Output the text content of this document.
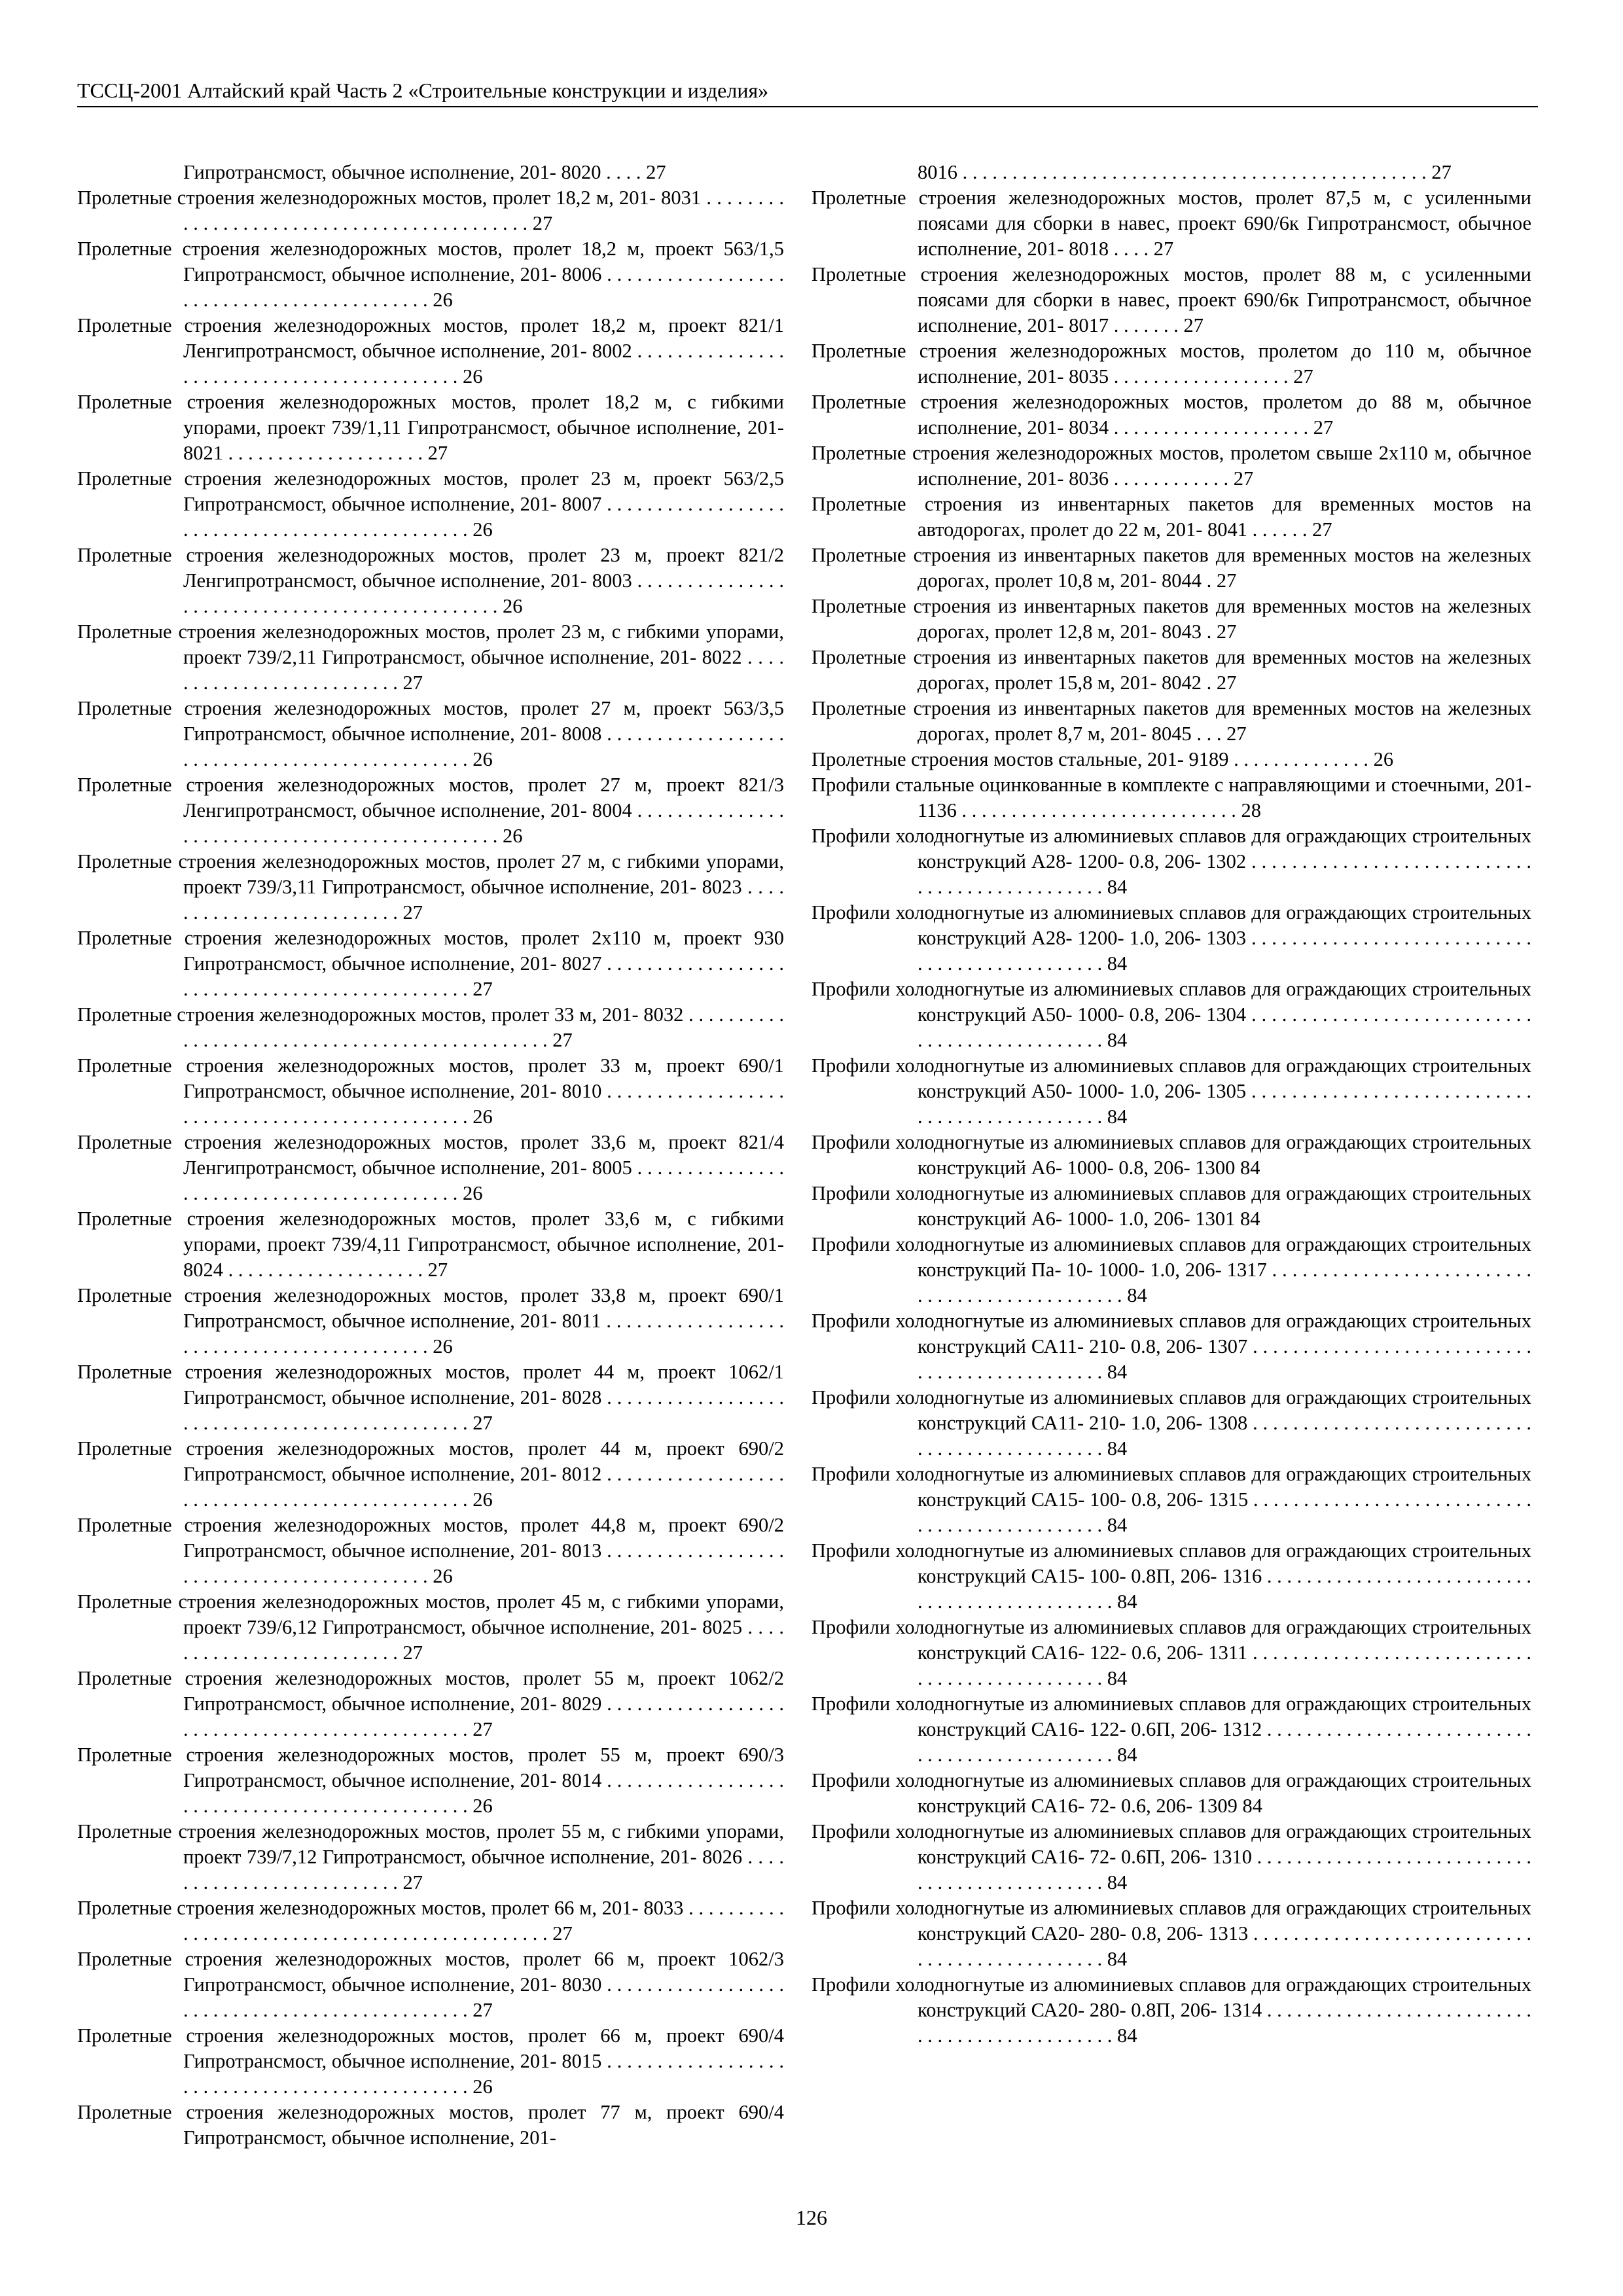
ТССЦ-2001 Алтайский край Часть 2 «Строительные конструкции и изделия»
Гипротрансмост, обычное исполнение, 201- 8020 . . . . 27
Пролетные строения железнодорожных мостов, пролет 18,2 м, 201- 8031 . . . . . . . . . . . . . . . . . . . . . . . . . . . . . . . . . . . . . . . . . . . 27
Пролетные строения железнодорожных мостов, пролет 18,2 м, проект 563/1,5 Гипротрансмост, обычное исполнение, 201- 8006 . . . . . . . . . . . . . . . . . . . . . . . . . . . . . . . . . . . . . . . . . . . 26
Пролетные строения железнодорожных мостов, пролет 18,2 м, проект 821/1 Ленгипротрансмост, обычное исполнение, 201- 8002 . . . . . . . . . . . . . . . . . . . . . . . . . . . . . . . . . . . . . . . . . . . 26
Пролетные строения железнодорожных мостов, пролет 18,2 м, с гибкими упорами, проект 739/1,11 Гипротрансмост, обычное исполнение, 201- 8021 . . . . . . . . . . . . . . . . . . . . 27
Пролетные строения железнодорожных мостов, пролет 23 м, проект 563/2,5 Гипротрансмост, обычное исполнение, 201- 8007 . . . . . . . . . . . . . . . . . . . . . . . . . . . . . . . . . . . . . . . . . . . . . . . 26
Пролетные строения железнодорожных мостов, пролет 23 м, проект 821/2 Ленгипротрансмост, обычное исполнение, 201- 8003 . . . . . . . . . . . . . . . . . . . . . . . . . . . . . . . . . . . . . . . . . . . . . . . 26
Пролетные строения железнодорожных мостов, пролет 23 м, с гибкими упорами, проект 739/2,11 Гипротрансмост, обычное исполнение, 201- 8022 . . . . . . . . . . . . . . . . . . . . . . . . . . 27
Пролетные строения железнодорожных мостов, пролет 27 м, проект 563/3,5 Гипротрансмост, обычное исполнение, 201- 8008 . . . . . . . . . . . . . . . . . . . . . . . . . . . . . . . . . . . . . . . . . . . . . . . 26
Пролетные строения железнодорожных мостов, пролет 27 м, проект 821/3 Ленгипротрансмост, обычное исполнение, 201- 8004 . . . . . . . . . . . . . . . . . . . . . . . . . . . . . . . . . . . . . . . . . . . . . . . 26
Пролетные строения железнодорожных мостов, пролет 27 м, с гибкими упорами, проект 739/3,11 Гипротрансмост, обычное исполнение, 201- 8023 . . . . . . . . . . . . . . . . . . . . . . . . . . 27
Пролетные строения железнодорожных мостов, пролет 2х110 м, проект 930 Гипротрансмост, обычное исполнение, 201- 8027 . . . . . . . . . . . . . . . . . . . . . . . . . . . . . . . . . . . . . . . . . . . . . . . 27
Пролетные строения железнодорожных мостов, пролет 33 м, 201- 8032 . . . . . . . . . . . . . . . . . . . . . . . . . . . . . . . . . . . . . . . . . . . . . . . 27
Пролетные строения железнодорожных мостов, пролет 33 м, проект 690/1 Гипротрансмост, обычное исполнение, 201- 8010 . . . . . . . . . . . . . . . . . . . . . . . . . . . . . . . . . . . . . . . . . . . . . . . 26
Пролетные строения железнодорожных мостов, пролет 33,6 м, проект 821/4 Ленгипротрансмост, обычное исполнение, 201- 8005 . . . . . . . . . . . . . . . . . . . . . . . . . . . . . . . . . . . . . . . . . . . 26
Пролетные строения железнодорожных мостов, пролет 33,6 м, с гибкими упорами, проект 739/4,11 Гипротрансмост, обычное исполнение, 201- 8024 . . . . . . . . . . . . . . . . . . . . 27
Пролетные строения железнодорожных мостов, пролет 33,8 м, проект 690/1 Гипротрансмост, обычное исполнение, 201- 8011 . . . . . . . . . . . . . . . . . . . . . . . . . . . . . . . . . . . . . . . . . . . 26
Пролетные строения железнодорожных мостов, пролет 44 м, проект 1062/1 Гипротрансмост, обычное исполнение, 201- 8028 . . . . . . . . . . . . . . . . . . . . . . . . . . . . . . . . . . . . . . . . . . . . . . . 27
Пролетные строения железнодорожных мостов, пролет 44 м, проект 690/2 Гипротрансмост, обычное исполнение, 201- 8012 . . . . . . . . . . . . . . . . . . . . . . . . . . . . . . . . . . . . . . . . . . . . . . . 26
Пролетные строения железнодорожных мостов, пролет 44,8 м, проект 690/2 Гипротрансмост, обычное исполнение, 201- 8013 . . . . . . . . . . . . . . . . . . . . . . . . . . . . . . . . . . . . . . . . . . . 26
Пролетные строения железнодорожных мостов, пролет 45 м, с гибкими упорами, проект 739/6,12 Гипротрансмост, обычное исполнение, 201- 8025 . . . . . . . . . . . . . . . . . . . . . . . . . . 27
Пролетные строения железнодорожных мостов, пролет 55 м, проект 1062/2 Гипротрансмост, обычное исполнение, 201- 8029 . . . . . . . . . . . . . . . . . . . . . . . . . . . . . . . . . . . . . . . . . . . . . . . 27
Пролетные строения железнодорожных мостов, пролет 55 м, проект 690/3 Гипротрансмост, обычное исполнение, 201- 8014 . . . . . . . . . . . . . . . . . . . . . . . . . . . . . . . . . . . . . . . . . . . . . . . 26
Пролетные строения железнодорожных мостов, пролет 55 м, с гибкими упорами, проект 739/7,12 Гипротрансмост, обычное исполнение, 201- 8026 . . . . . . . . . . . . . . . . . . . . . . . . . . 27
Пролетные строения железнодорожных мостов, пролет 66 м, 201- 8033 . . . . . . . . . . . . . . . . . . . . . . . . . . . . . . . . . . . . . . . . . . . . . . . 27
Пролетные строения железнодорожных мостов, пролет 66 м, проект 1062/3 Гипротрансмост, обычное исполнение, 201- 8030 . . . . . . . . . . . . . . . . . . . . . . . . . . . . . . . . . . . . . . . . . . . . . . . 27
Пролетные строения железнодорожных мостов, пролет 66 м, проект 690/4 Гипротрансмост, обычное исполнение, 201- 8015 . . . . . . . . . . . . . . . . . . . . . . . . . . . . . . . . . . . . . . . . . . . . . . . 26
Пролетные строения железнодорожных мостов, пролет 77 м, проект 690/4 Гипротрансмост, обычное исполнение, 201-
8016 . . . . . . . . . . . . . . . . . . . . . . . . . . . . . . . . . . . . . . . . . . . . . . . 27
Пролетные строения железнодорожных мостов, пролет 87,5 м, с усиленными поясами для сборки в навес, проект 690/6к Гипротрансмост, обычное исполнение, 201- 8018 . . . . 27
Пролетные строения железнодорожных мостов, пролет 88 м, с усиленными поясами для сборки в навес, проект 690/6к Гипротрансмост, обычное исполнение, 201- 8017 . . . . . . . 27
Пролетные строения железнодорожных мостов, пролетом до 110 м, обычное исполнение, 201- 8035 . . . . . . . . . . . . . . . . . . 27
Пролетные строения железнодорожных мостов, пролетом до 88 м, обычное исполнение, 201- 8034 . . . . . . . . . . . . . . . . . . . . 27
Пролетные строения железнодорожных мостов, пролетом свыше 2х110 м, обычное исполнение, 201- 8036 . . . . . . . . . . . . 27
Пролетные строения из инвентарных пакетов для временных мостов на автодорогах, пролет до 22 м, 201- 8041 . . . . . . 27
Пролетные строения из инвентарных пакетов для временных мостов на железных дорогах, пролет 10,8 м, 201- 8044 . 27
Пролетные строения из инвентарных пакетов для временных мостов на железных дорогах, пролет 12,8 м, 201- 8043 . 27
Пролетные строения из инвентарных пакетов для временных мостов на железных дорогах, пролет 15,8 м, 201- 8042 . 27
Пролетные строения из инвентарных пакетов для временных мостов на железных дорогах, пролет 8,7 м, 201- 8045 . . . 27
Пролетные строения мостов стальные, 201- 9189 . . . . . . . . . . . . . . 26
Профили стальные оцинкованные в комплекте с направляющими и стоечными, 201- 1136 . . . . . . . . . . . . . . . . . . . . . . . . . . . . 28
Профили холодногнутые из алюминиевых сплавов для ограждающих строительных конструкций А28- 1200- 0.8, 206- 1302 . . . . . . . . . . . . . . . . . . . . . . . . . . . . . . . . . . . . . . . . . . . . . . . 84
Профили холодногнутые из алюминиевых сплавов для ограждающих строительных конструкций А28- 1200- 1.0, 206- 1303 . . . . . . . . . . . . . . . . . . . . . . . . . . . . . . . . . . . . . . . . . . . . . . . 84
Профили холодногнутые из алюминиевых сплавов для ограждающих строительных конструкций А50- 1000- 0.8, 206- 1304 . . . . . . . . . . . . . . . . . . . . . . . . . . . . . . . . . . . . . . . . . . . . . . . 84
Профили холодногнутые из алюминиевых сплавов для ограждающих строительных конструкций А50- 1000- 1.0, 206- 1305 . . . . . . . . . . . . . . . . . . . . . . . . . . . . . . . . . . . . . . . . . . . . . . . 84
Профили холодногнутые из алюминиевых сплавов для ограждающих строительных конструкций А6- 1000- 0.8, 206- 1300 84
Профили холодногнутые из алюминиевых сплавов для ограждающих строительных конструкций А6- 1000- 1.0, 206- 1301 84
Профили холодногнутые из алюминиевых сплавов для ограждающих строительных конструкций Па- 10- 1000- 1.0, 206- 1317 . . . . . . . . . . . . . . . . . . . . . . . . . . . . . . . . . . . . . . . . . . . . . . . 84
Профили холодногнутые из алюминиевых сплавов для ограждающих строительных конструкций СА11- 210- 0.8, 206- 1307 . . . . . . . . . . . . . . . . . . . . . . . . . . . . . . . . . . . . . . . . . . . . . . . 84
Профили холодногнутые из алюминиевых сплавов для ограждающих строительных конструкций СА11- 210- 1.0, 206- 1308 . . . . . . . . . . . . . . . . . . . . . . . . . . . . . . . . . . . . . . . . . . . . . . . 84
Профили холодногнутые из алюминиевых сплавов для ограждающих строительных конструкций СА15- 100- 0.8, 206- 1315 . . . . . . . . . . . . . . . . . . . . . . . . . . . . . . . . . . . . . . . . . . . . . . . 84
Профили холодногнутые из алюминиевых сплавов для ограждающих строительных конструкций СА15- 100- 0.8П, 206- 1316 . . . . . . . . . . . . . . . . . . . . . . . . . . . . . . . . . . . . . . . . . . . . . . . 84
Профили холодногнутые из алюминиевых сплавов для ограждающих строительных конструкций СА16- 122- 0.6, 206- 1311 . . . . . . . . . . . . . . . . . . . . . . . . . . . . . . . . . . . . . . . . . . . . . . . 84
Профили холодногнутые из алюминиевых сплавов для ограждающих строительных конструкций СА16- 122- 0.6П, 206- 1312 . . . . . . . . . . . . . . . . . . . . . . . . . . . . . . . . . . . . . . . . . . . . . . . 84
Профили холодногнутые из алюминиевых сплавов для ограждающих строительных конструкций СА16- 72- 0.6, 206- 1309 84
Профили холодногнутые из алюминиевых сплавов для ограждающих строительных конструкций СА16- 72- 0.6П, 206- 1310 . . . . . . . . . . . . . . . . . . . . . . . . . . . . . . . . . . . . . . . . . . . . . . . 84
Профили холодногнутые из алюминиевых сплавов для ограждающих строительных конструкций СА20- 280- 0.8, 206- 1313 . . . . . . . . . . . . . . . . . . . . . . . . . . . . . . . . . . . . . . . . . . . . . . . 84
Профили холодногнутые из алюминиевых сплавов для ограждающих строительных конструкций СА20- 280- 0.8П, 206- 1314 . . . . . . . . . . . . . . . . . . . . . . . . . . . . . . . . . . . . . . . . . . . . . . . 84
126
